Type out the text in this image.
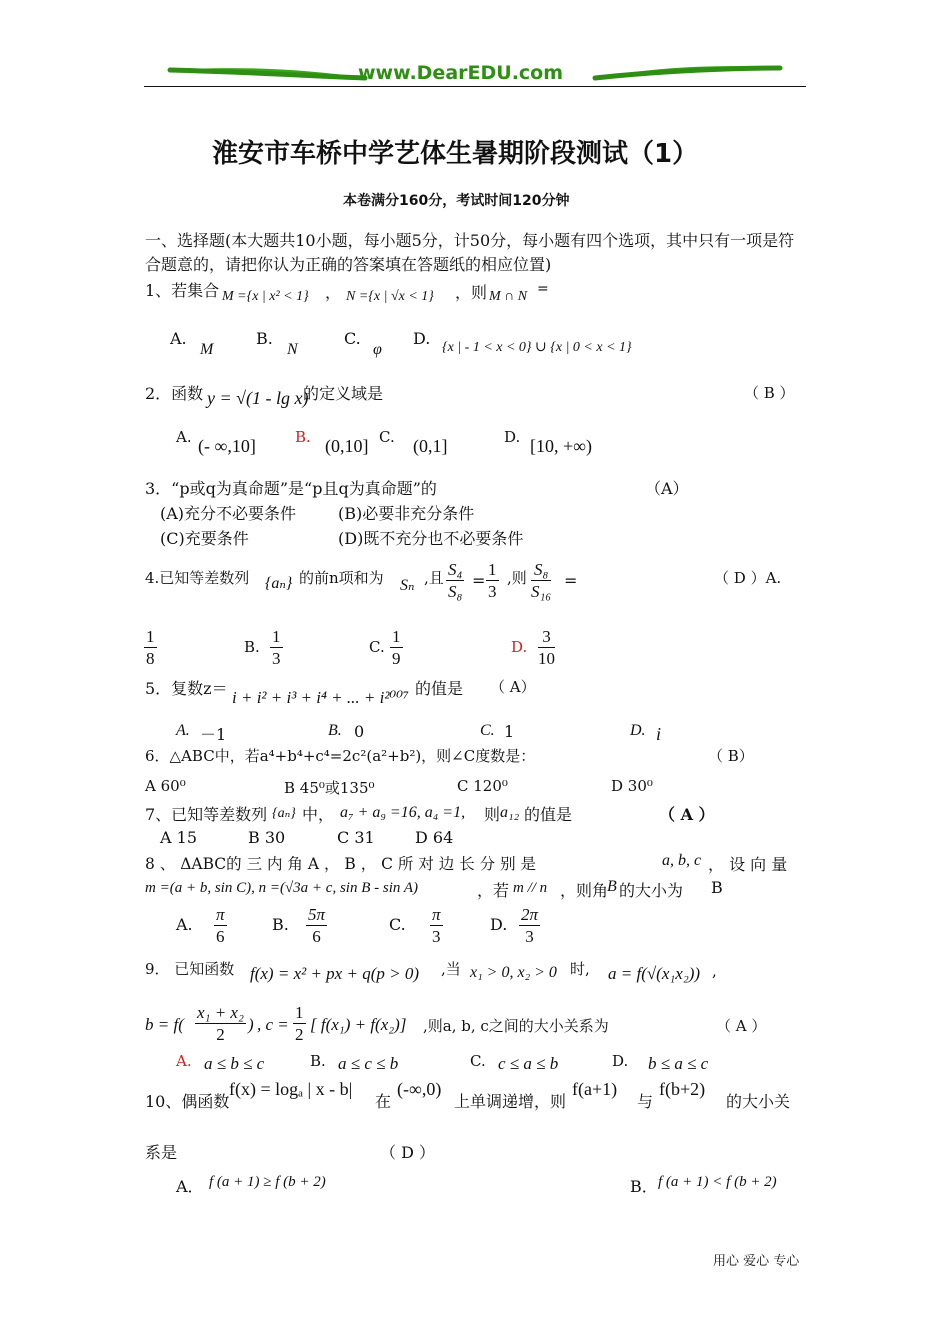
www.DearEDU.com
淮安市车桥中学艺体生暑期阶段测试（1）
本卷满分160分，考试时间120分钟
一、选择题(本大题共10小题，每小题5分，计50分，每小题有四个选项，其中只有一项是符
合题意的，请把你认为正确的答案填在答题纸的相应位置)
1、若集合 M ={x | x² < 1} ， N ={x | √x < 1} ，则 M ∩ N =
A.
M
B.
N
C.
φ
D. {x | - 1 < x < 0} ∪ {x | 0 < x < 1}
2．函数 y = √(1 - lg x)
的定义域是	（ B ）
A. (- ∞,10]	B. (0,10] C. (0,1]	D. [10, +∞)
3．“p或q为真命题”是“p且q为真命题”的	（A）
(A)充分不必要条件	(B)必要非充分条件
(C)充要条件	(D)既不充分也不必要条件
4.已知等差数列 {aₙ} 的前n项和为 Sₙ ,且 $\frac{\text{S₄}}{\text{S₈}} = \frac{1}{3}$ ,则 $\frac{\text{S₈}}{\text{S₁₆}}$ =	（ D ）A.
$\frac{1}{8}$	B. $\frac{1}{3}$	C. $\frac{1}{9}$	D. $\frac{3}{10}$
5．复数z＝ i + i² + i³ + i⁴ + ... + i²⁰⁰⁷ 的值是 （ A）
A. －1	B. 0	C. 1	D. i
6．△ABC中，若a⁴+b⁴+c⁴=2c²(a²+b²)，则∠C度数是：	（ B）
A 60⁰	B 45⁰或135⁰	C 120⁰	D 30⁰
7、已知等差数列 {aₙ} 中， a₇ + a₉ =16, a₄ =1, 则 a₁₂ 的值是	（ A ）
A 15	B 30	C 31	D 64
8 、 ΔABC的 三 内 角 A ， B ， C 所 对 边 长 分 别 是	a, b, c ， 设 向 量
m =(a + b, sin C), n =(√3a + c, sin B - sin A)	，若 m // n ，则角
B 的大小为 B
A. $\frac{\pi}{6}$	B. $\frac{5\pi}{6}$	C. $\frac{\pi}{3}$	D. $\frac{2\pi}{3}$
9． 已知函数 f(x) = x² + px + q(p > 0) ,当 x₁ > 0, x₂ > 0 时, a = f(√(x₁x₂)) ,
$b = f( \frac{\text{x₁ + x₂}}{2}$ ) , $c = \frac{1}{2}$ [ f(x₁) + f(x₂)] ,则a, b, c之间的大小关系为	（ A ）
A. a ≤ b ≤ c	B. a ≤ c ≤ b	C. c ≤ a ≤ b	D. b ≤ a ≤ c
10、偶函数
f(x) = logₐ | x - b|
在
(-∞,0)
上单调递增，则
f(a+1)
与
f(b+2)
的大小关
系是	（ D ）
A． f (a + 1) ≥ f (b + 2)	B． f (a + 1) < f (b + 2)
用心 爱心 专心
